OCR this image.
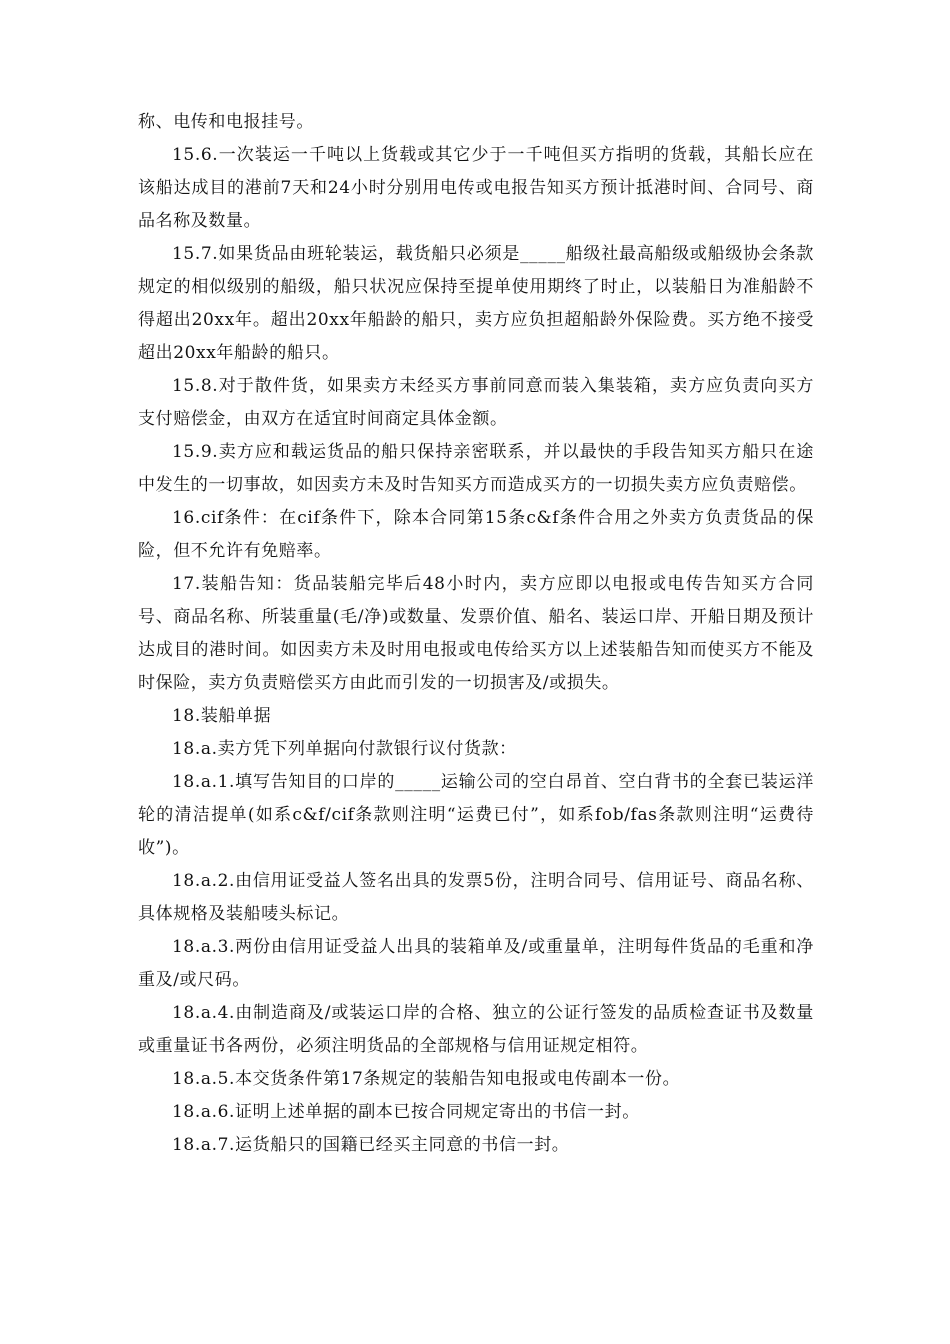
称、电传和电报挂号。

15.6.一次装运一千吨以上货载或其它少于一千吨但买方指明的货载，其船长应在该船达成目的港前7天和24小时分别用电传或电报告知买方预计抵港时间、合同号、商品名称及数量。

15.7.如果货品由班轮装运，载货船只必须是_____船级社最高船级或船级协会条款规定的相似级别的船级，船只状况应保持至提单使用期终了时止，以装船日为准船龄不得超出20xx年。超出20xx年船龄的船只，卖方应负担超船龄外保险费。买方绝不接受超出20xx年船龄的船只。

15.8.对于散件货，如果卖方未经买方事前同意而装入集装箱，卖方应负责向买方支付赔偿金，由双方在适宜时间商定具体金额。

15.9.卖方应和载运货品的船只保持亲密联系，并以最快的手段告知买方船只在途中发生的一切事故，如因卖方未及时告知买方而造成买方的一切损失卖方应负责赔偿。

16.cif条件：在cif条件下，除本合同第15条c&f条件合用之外卖方负责货品的保险，但不允许有免赔率。

17.装船告知：货品装船完毕后48小时内，卖方应即以电报或电传告知买方合同号、商品名称、所装重量(毛/净)或数量、发票价值、船名、装运口岸、开船日期及预计达成目的港时间。如因卖方未及时用电报或电传给买方以上述装船告知而使买方不能及时保险，卖方负责赔偿买方由此而引发的一切损害及/或损失。

18.装船单据

18.a.卖方凭下列单据向付款银行议付货款：

18.a.1.填写告知目的口岸的_____运输公司的空白昂首、空白背书的全套已装运洋轮的清洁提单(如系c&f/cif条款则注明“运费已付”，如系fob/fas条款则注明“运费待收”)。

18.a.2.由信用证受益人签名出具的发票5份，注明合同号、信用证号、商品名称、具体规格及装船唛头标记。

18.a.3.两份由信用证受益人出具的装箱单及/或重量单，注明每件货品的毛重和净重及/或尺码。

18.a.4.由制造商及/或装运口岸的合格、独立的公证行签发的品质检查证书及数量或重量证书各两份，必须注明货品的全部规格与信用证规定相符。

18.a.5.本交货条件第17条规定的装船告知电报或电传副本一份。

18.a.6.证明上述单据的副本已按合同规定寄出的书信一封。

18.a.7.运货船只的国籍已经买主同意的书信一封。
